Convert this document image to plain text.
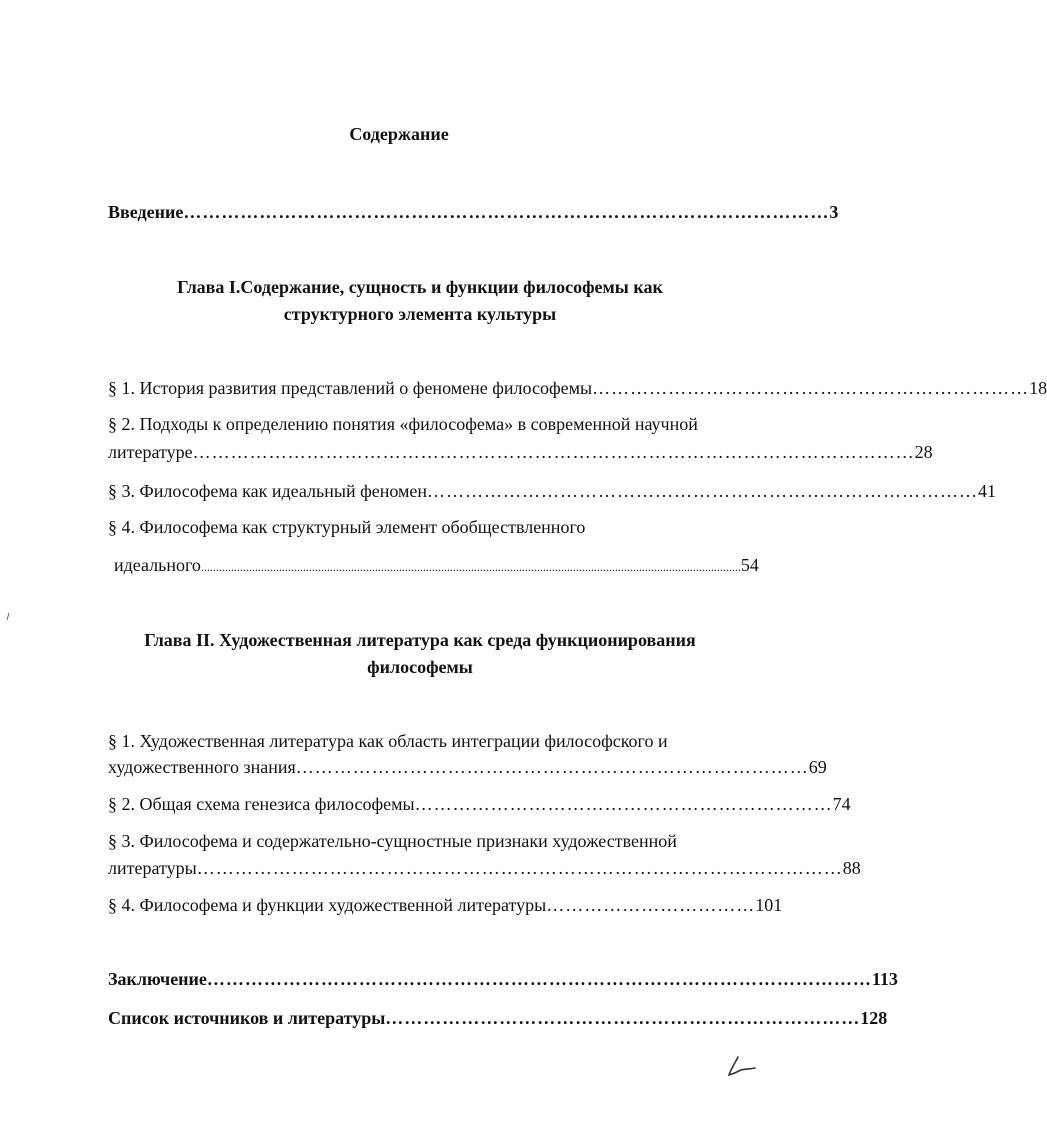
Содержание
Введение ………………………………………………………………………………………… 3
Глава I.Содержание, сущность и функции философемы как
структурного элемента культуры
§ 1. История развития представлений о феномене философемы …………………………………………………………… 18
§ 2. Подходы к определению понятия «философема» в современной научной
литературе …………………………………………………………………………………………………… 28
§ 3. Философема как идеальный феномен …………………………………………………………………………… 41
§ 4. Философема как структурный элемент обобществленного
идеального .................................................................................................................................................................................... 54
Глава II. Художественная литература как среда функционирования
философемы
§ 1. Художественная литература как область интеграции философского и
художественного знания ……………………………………………………………………… 69
§ 2. Общая схема генезиса философемы ………………………………………………………… 74
§ 3. Философема и содержательно-сущностные признаки художественной
литературы ………………………………………………………………………………………… 88
§ 4. Философема и функции художественной литературы …………………………… 101
Заключение …………………………………………………………………………………………… 113
Список источников и литературы ………………………………………………………………… 128
